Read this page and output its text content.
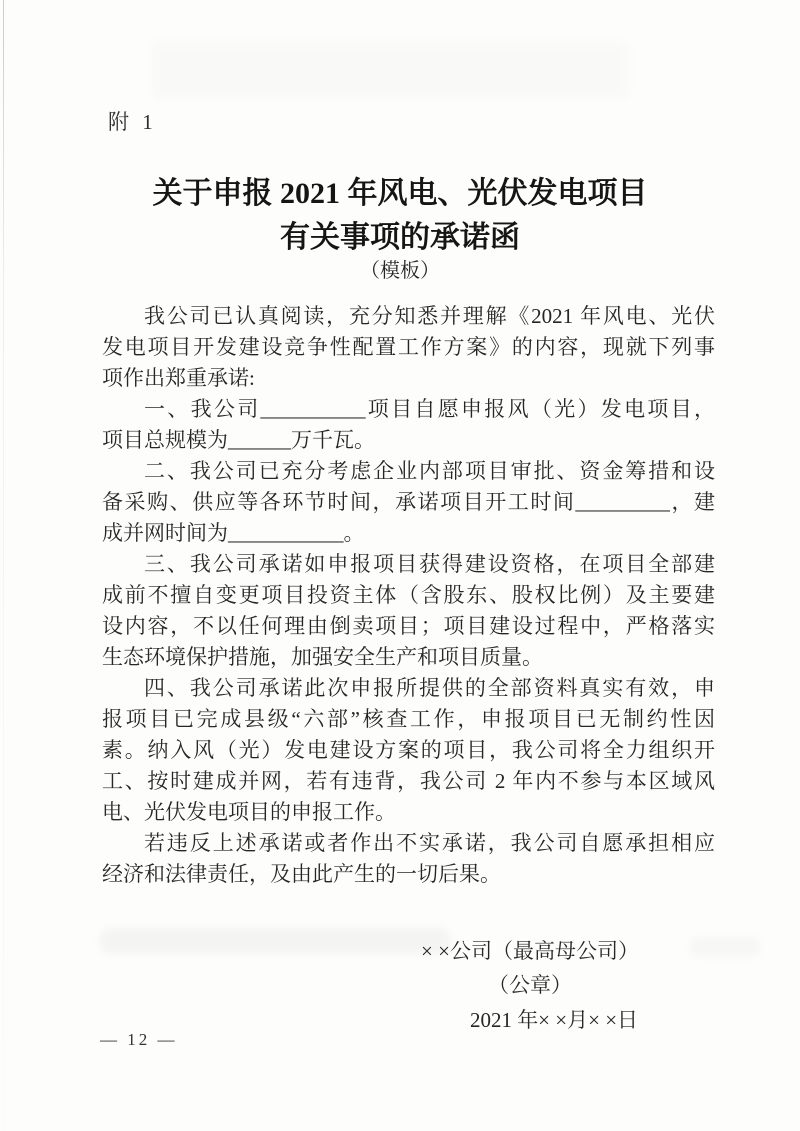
附 1
关于申报 2021 年风电、光伏发电项目
有关事项的承诺函
（模板）
我公司已认真阅读，充分知悉并理解《2021 年风电、光伏
发电项目开发建设竞争性配置工作方案》的内容，现就下列事
项作出郑重承诺:
一、我公司__________项目自愿申报风（光）发电项目，
项目总规模为______万千瓦。
二、我公司已充分考虑企业内部项目审批、资金筹措和设
备采购、供应等各环节时间，承诺项目开工时间_________，建
成并网时间为___________。
三、我公司承诺如申报项目获得建设资格，在项目全部建
成前不擅自变更项目投资主体（含股东、股权比例）及主要建
设内容，不以任何理由倒卖项目；项目建设过程中，严格落实
生态环境保护措施，加强安全生产和项目质量。
四、我公司承诺此次申报所提供的全部资料真实有效，申
报项目已完成县级“六部”核查工作，申报项目已无制约性因
素。纳入风（光）发电建设方案的项目，我公司将全力组织开
工、按时建成并网，若有违背，我公司 2 年内不参与本区域风
电、光伏发电项目的申报工作。
若违反上述承诺或者作出不实承诺，我公司自愿承担相应
经济和法律责任，及由此产生的一切后果。
× ×公司（最高母公司）
（公章）
2021 年× ×月× ×日
— 12 —
